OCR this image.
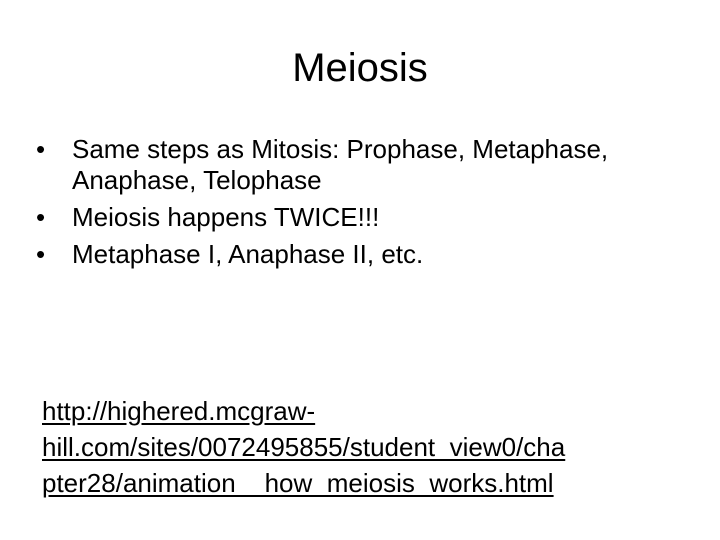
Meiosis
•	Same steps as Mitosis: Prophase, Metaphase, Anaphase, Telophase
•	Meiosis happens TWICE!!!
•	Metaphase I, Anaphase II, etc.
http://highered.mcgraw-
hill.com/sites/0072495855/student_view0/cha
pter28/animation__how_meiosis_works.html
